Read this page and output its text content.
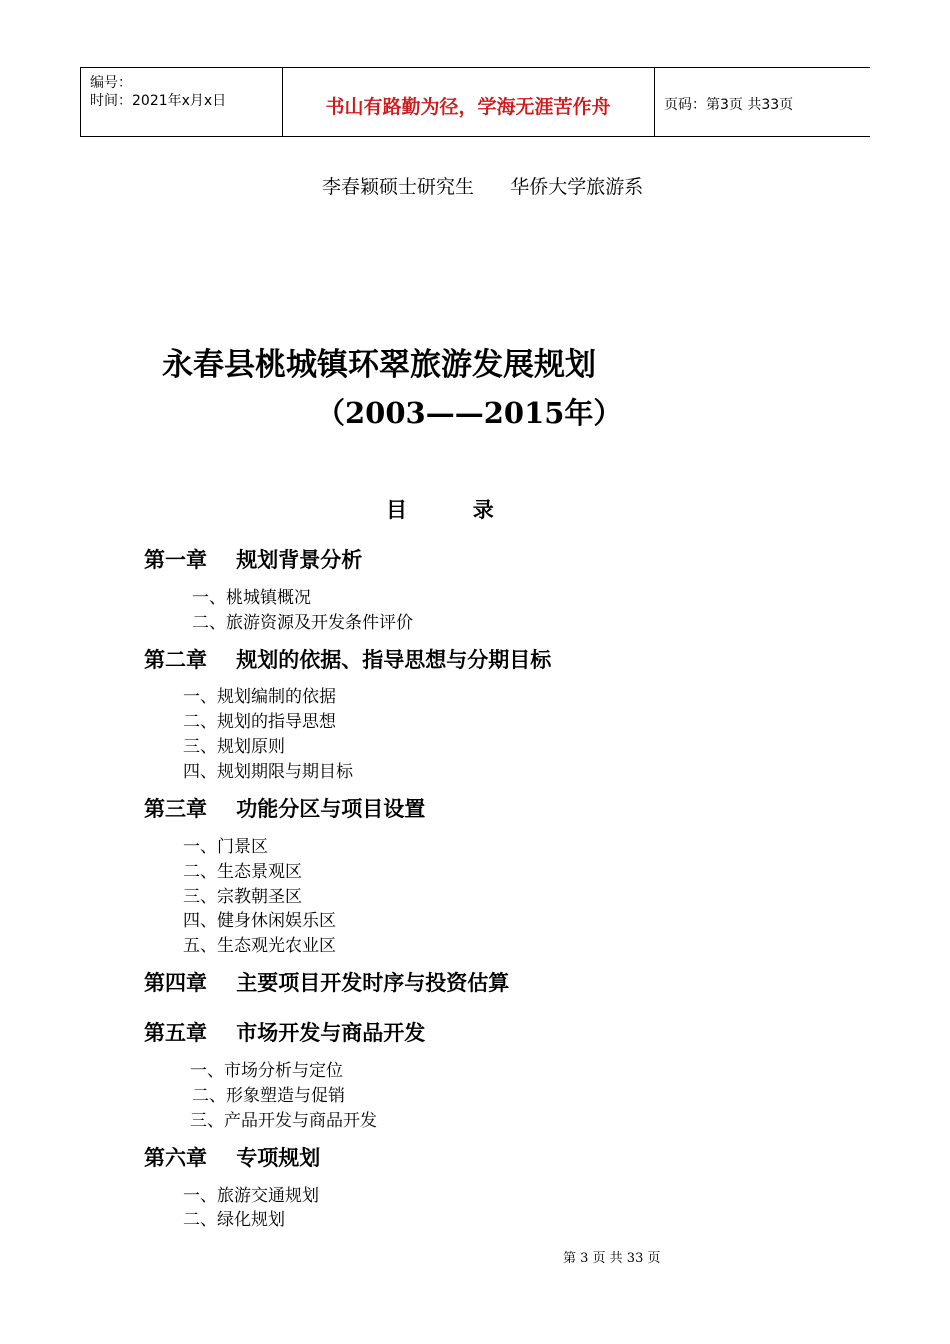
编号：
时间：2021年x月x日	书山有路勤为径，学海无涯苦作舟	页码：第3页 共33页
李春颖硕士研究生      华侨大学旅游系
永春县桃城镇环翠旅游发展规划
（2003——2015年）
目         录
第一章    规划背景分析
一、桃城镇概况
二、旅游资源及开发条件评价
第二章    规划的依据、指导思想与分期目标
一、规划编制的依据
二、规划的指导思想
三、规划原则
四、规划期限与期目标
第三章    功能分区与项目设置
一、门景区
二、生态景观区
三、宗教朝圣区
四、健身休闲娱乐区
五、生态观光农业区
第四章    主要项目开发时序与投资估算
第五章    市场开发与商品开发
一、市场分析与定位
二、形象塑造与促销
三、产品开发与商品开发
第六章    专项规划
一、旅游交通规划
二、绿化规划
第 3 页 共 33 页
